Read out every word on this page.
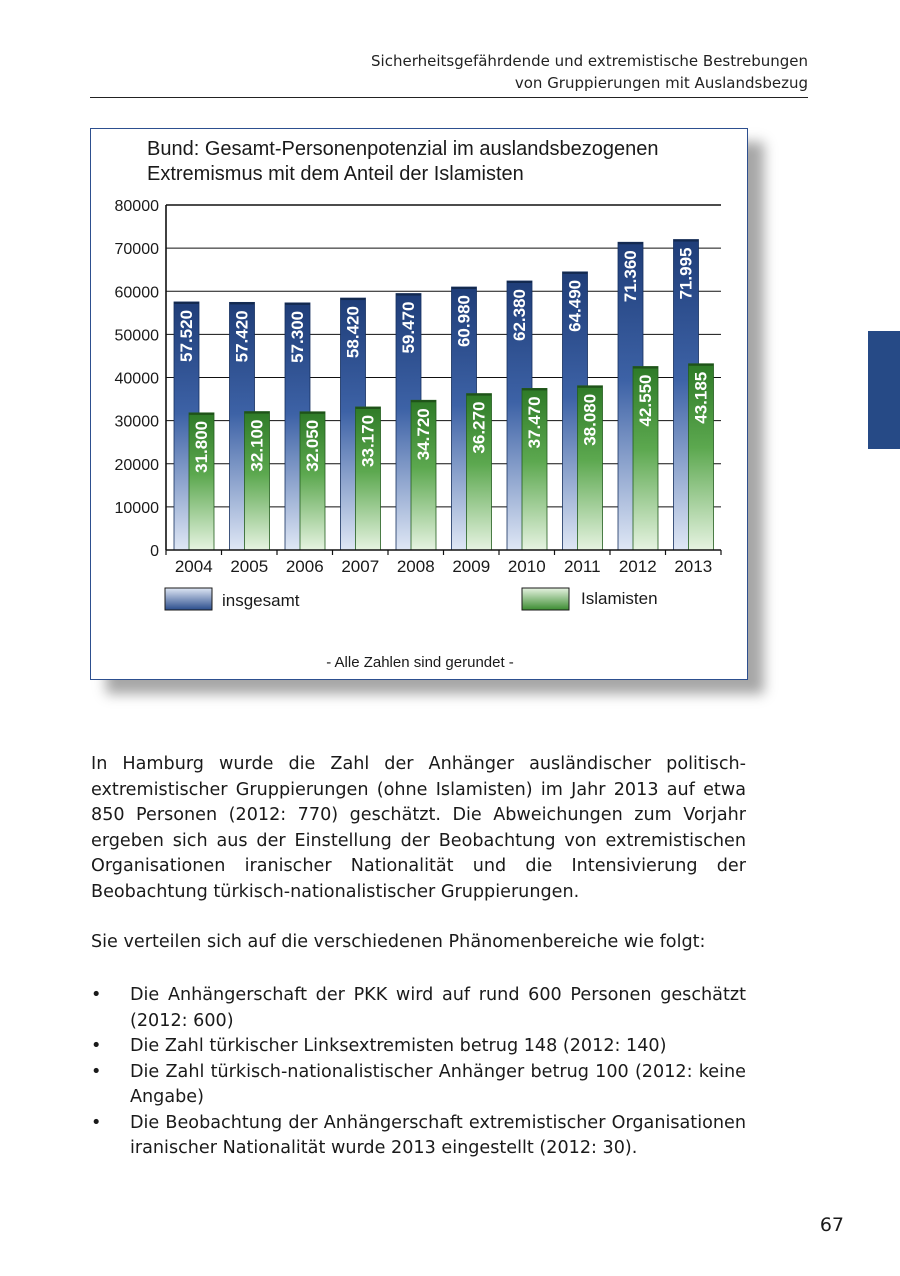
Sicherheitsgefährdende und extremistische Bestrebungen
von Gruppierungen mit Auslandsbezug
Bund: Gesamt-Personenpotenzial im auslandsbezogenen
Extremismus mit dem Anteil der Islamisten
57.520
31.800
57.420
32.100
57.300
32.050
58.420
33.170
59.470
34.720
60.980
36.270
62.380
37.470
64.490
38.080
71.360
42.550
71.995
43.185
0
10000
20000
30000
40000
50000
60000
70000
80000
2004 2005 2006 2007 2008 2009 2010 2011 2012 2013
insgesamt	Islamisten
- Alle Zahlen sind gerundet -
In Hamburg wurde die Zahl der Anhänger ausländischer politisch-extremistischer Gruppierungen (ohne Islamisten) im Jahr 2013 auf etwa 850 Personen (2012: 770) geschätzt. Die Abweichungen zum Vorjahr ergeben sich aus der Einstellung der Beobachtung von extremistischen Organisationen iranischer Nationalität und die Intensivierung der Beobachtung türkisch-nationalistischer Gruppierungen.
Sie verteilen sich auf die verschiedenen Phänomenbereiche wie folgt:
• Die Anhängerschaft der PKK wird auf rund 600 Personen geschätzt (2012: 600)
• Die Zahl türkischer Linksextremisten betrug 148 (2012: 140)
• Die Zahl türkisch-nationalistischer Anhänger betrug 100 (2012: keine Angabe)
• Die Beobachtung der Anhängerschaft extremistischer Organisationen iranischer Nationalität wurde 2013 eingestellt (2012: 30).
67
